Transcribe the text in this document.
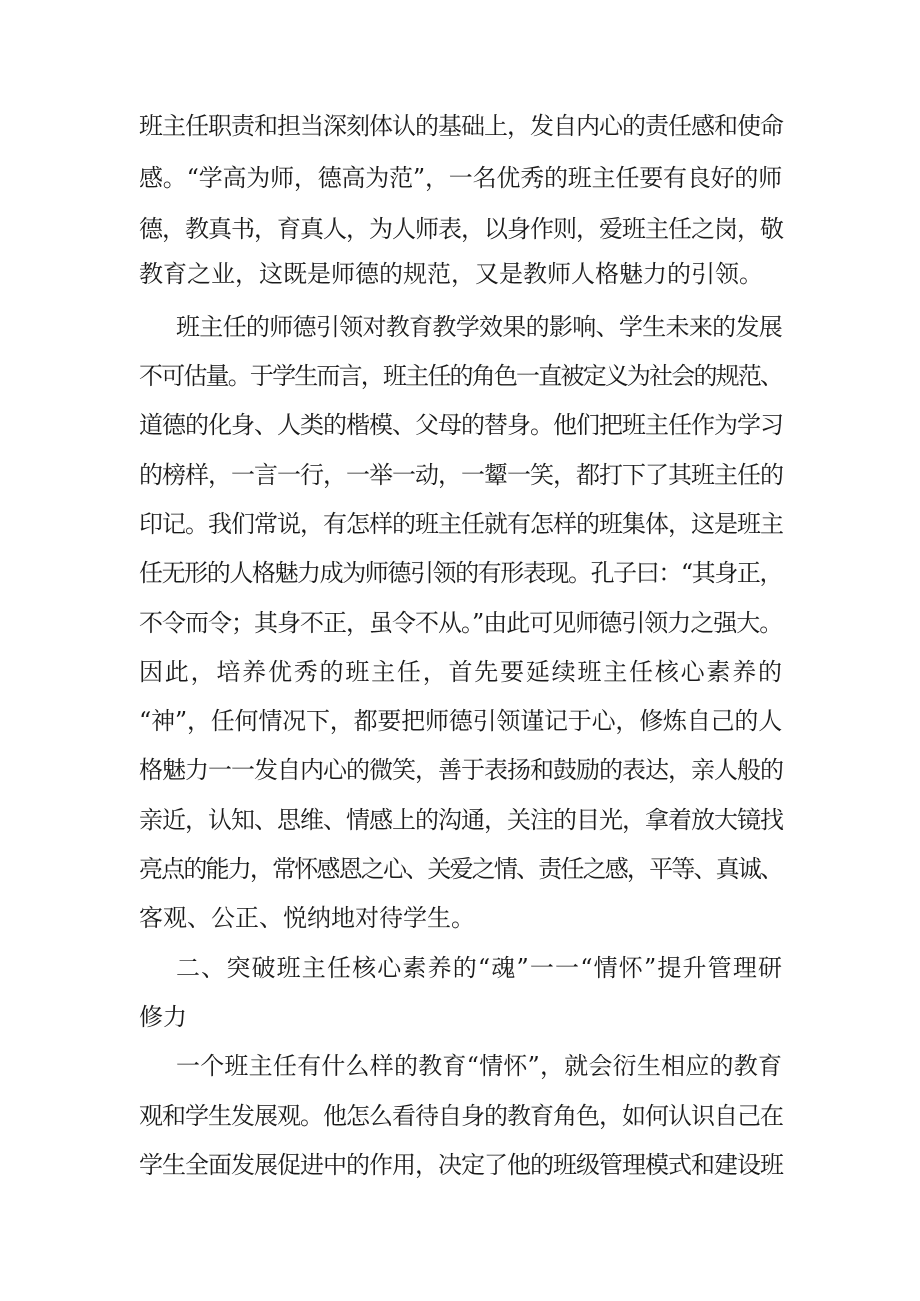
班主任职责和担当深刻体认的基础上，发自内心的责任感和使命
感。“学高为师，德高为范”，一名优秀的班主任要有良好的师
德，教真书，育真人，为人师表，以身作则，爱班主任之岗，敬
教育之业，这既是师德的规范，又是教师人格魅力的引领。
班主任的师德引领对教育教学效果的影响、学生未来的发展
不可估量。于学生而言，班主任的角色一直被定义为社会的规范、
道德的化身、人类的楷模、父母的替身。他们把班主任作为学习
的榜样，一言一行，一举一动，一颦一笑，都打下了其班主任的
印记。我们常说，有怎样的班主任就有怎样的班集体，这是班主
任无形的人格魅力成为师德引领的有形表现。孔子曰：“其身正，
不令而令；其身不正，虽令不从。”由此可见师德引领力之强大。
因此，培养优秀的班主任，首先要延续班主任核心素养的
“神”，任何情况下，都要把师德引领谨记于心，修炼自己的人
格魅力一一发自内心的微笑，善于表扬和鼓励的表达，亲人般的
亲近，认知、思维、情感上的沟通，关注的目光，拿着放大镜找
亮点的能力，常怀感恩之心、关爱之情、责任之感，平等、真诚、
客观、公正、悦纳地对待学生。
二、突破班主任核心素养的“魂”一一“情怀”提升管理研
修力
一个班主任有什么样的教育“情怀”，就会衍生相应的教育
观和学生发展观。他怎么看待自身的教育角色，如何认识自己在
学生全面发展促进中的作用，决定了他的班级管理模式和建设班
